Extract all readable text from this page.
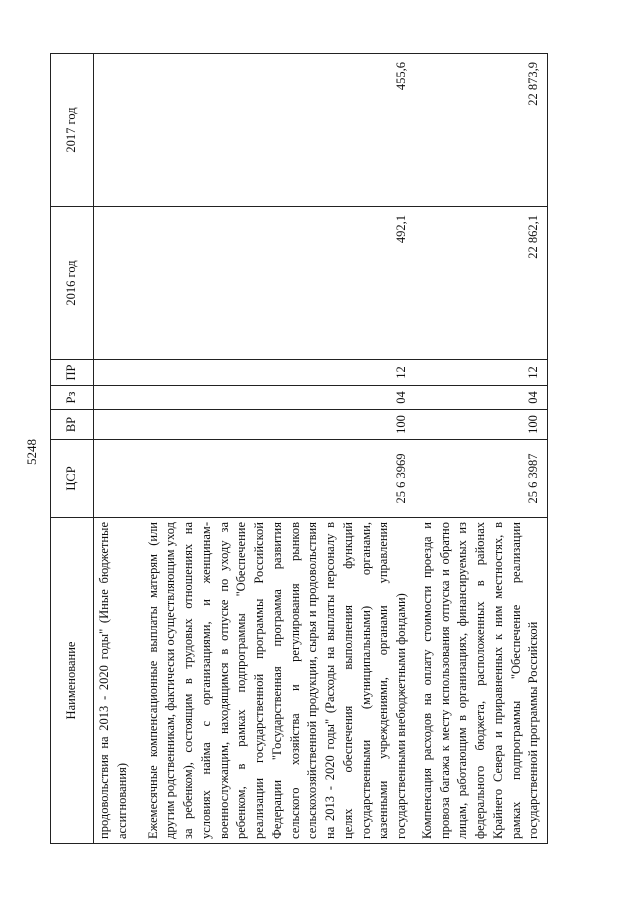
5248
Наименование	ЦСР	ВР	Рз	ПР	2016 год	2017 год
продовольствия на 2013 - 2020 годы" (Иные бюджетные ассигнования)						
Ежемесячные компенсационные выплаты матерям (или другим родственникам, фактически осуществляющим уход за ребенком), состоящим в трудовых отношениях на условиях найма с организациями, и женщинам-военнослужащим, находящимся в отпуске по уходу за ребенком, в рамках подпрограммы "Обеспечение реализации государственной программы Российской Федерации "Государственная программа развития сельского хозяйства и регулирования рынков сельскохозяйственной продукции, сырья и продовольствия на 2013 - 2020 годы" (Расходы на выплаты персоналу в целях обеспечения выполнения функций государственными (муниципальными) органами, казенными учреждениями, органами управления государственными внебюджетными фондами)	25 6 3969	100	04	12	492,1	455,6
Компенсация расходов на оплату стоимости проезда и провоза багажа к месту использования отпуска и обратно лицам, работающим в организациях, финансируемых из федерального бюджета, расположенных в районах Крайнего Севера и приравненных к ним местностях, в рамках подпрограммы "Обеспечение реализации государственной программы Российской	25 6 3987	100	04	12	22 862,1	22 873,9
